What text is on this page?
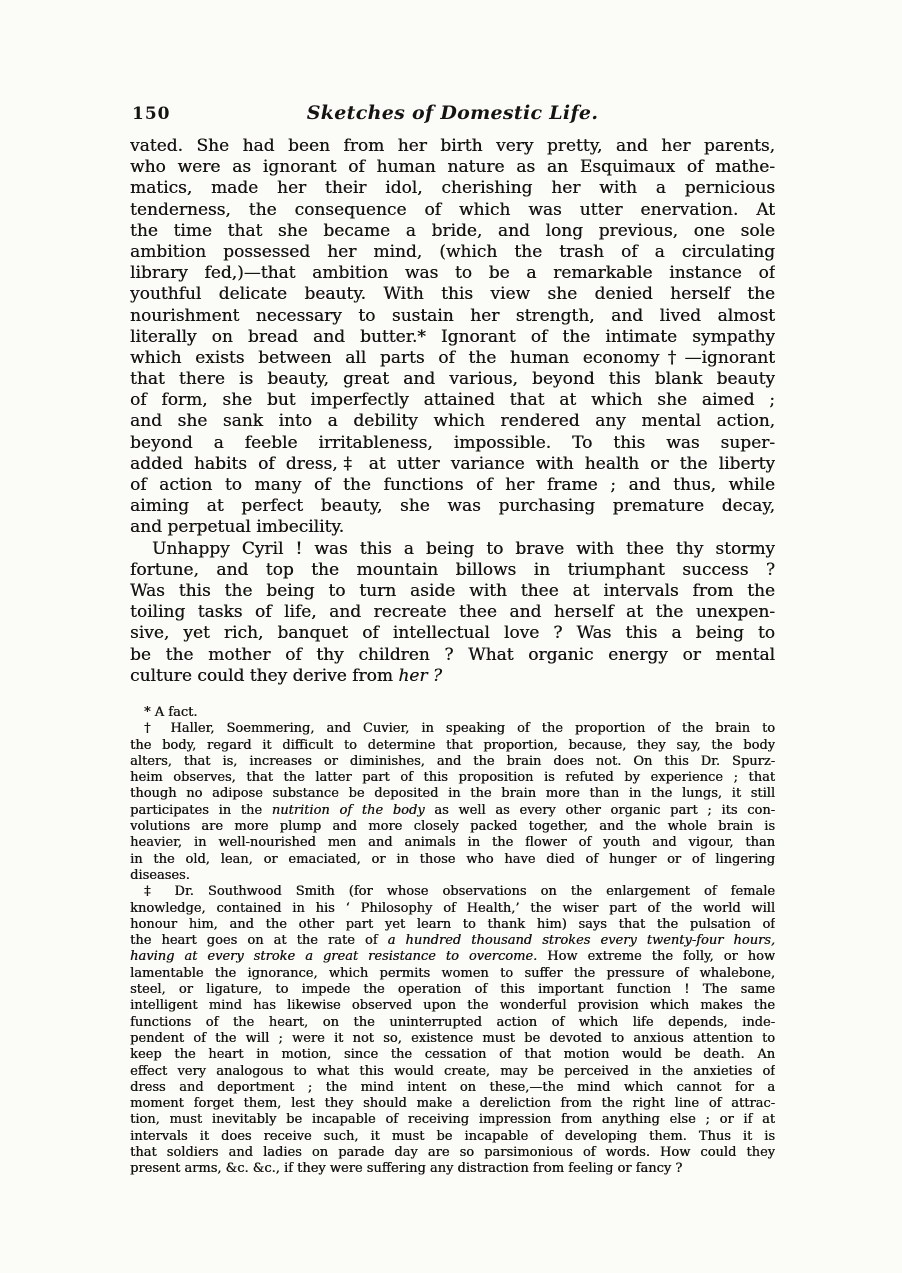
150	Sketches of Domestic Life.
vated. She had been from her birth very pretty, and her parents,
who were as ignorant of human nature as an Esquimaux of mathe-
matics, made her their idol, cherishing her with a pernicious
tenderness, the consequence of which was utter enervation. At
the time that she became a bride, and long previous, one sole
ambition possessed her mind, (which the trash of a circulating
library fed,)—that ambition was to be a remarkable instance of
youthful delicate beauty. With this view she denied herself the
nourishment necessary to sustain her strength, and lived almost
literally on bread and butter.* Ignorant of the intimate sympathy
which exists between all parts of the human economy†—ignorant
that there is beauty, great and various, beyond this blank beauty
of form, she but imperfectly attained that at which she aimed ;
and she sank into a debility which rendered any mental action,
beyond a feeble irritableness, impossible. To this was super-
added habits of dress,‡ at utter variance with health or the liberty
of action to many of the functions of her frame ; and thus, while
aiming at perfect beauty, she was purchasing premature decay,
and perpetual imbecility.
Unhappy Cyril ! was this a being to brave with thee thy stormy
fortune, and top the mountain billows in triumphant success ?
Was this the being to turn aside with thee at intervals from the
toiling tasks of life, and recreate thee and herself at the unexpen-
sive, yet rich, banquet of intellectual love ? Was this a being to
be the mother of thy children ? What organic energy or mental
culture could they derive from her ?
* A fact.
† Haller, Soemmering, and Cuvier, in speaking of the proportion of the brain to
the body, regard it difficult to determine that proportion, because, they say, the body
alters, that is, increases or diminishes, and the brain does not. On this Dr. Spurz-
heim observes, that the latter part of this proposition is refuted by experience ; that
though no adipose substance be deposited in the brain more than in the lungs, it still
participates in the nutrition of the body as well as every other organic part ; its con-
volutions are more plump and more closely packed together, and the whole brain is
heavier, in well-nourished men and animals in the flower of youth and vigour, than
in the old, lean, or emaciated, or in those who have died of hunger or of lingering
diseases.
‡ Dr. Southwood Smith (for whose observations on the enlargement of female
knowledge, contained in his ‘ Philosophy of Health,’ the wiser part of the world will
honour him, and the other part yet learn to thank him) says that the pulsation of
the heart goes on at the rate of a hundred thousand strokes every twenty-four hours,
having at every stroke a great resistance to overcome. How extreme the folly, or how
lamentable the ignorance, which permits women to suffer the pressure of whalebone,
steel, or ligature, to impede the operation of this important function ! The same
intelligent mind has likewise observed upon the wonderful provision which makes the
functions of the heart, on the uninterrupted action of which life depends, inde-
pendent of the will ; were it not so, existence must be devoted to anxious attention to
keep the heart in motion, since the cessation of that motion would be death. An
effect very analogous to what this would create, may be perceived in the anxieties of
dress and deportment ; the mind intent on these,—the mind which cannot for a
moment forget them, lest they should make a dereliction from the right line of attrac-
tion, must inevitably be incapable of receiving impression from anything else ; or if at
intervals it does receive such, it must be incapable of developing them. Thus it is
that soldiers and ladies on parade day are so parsimonious of words. How could they
present arms, &c. &c., if they were suffering any distraction from feeling or fancy ?
